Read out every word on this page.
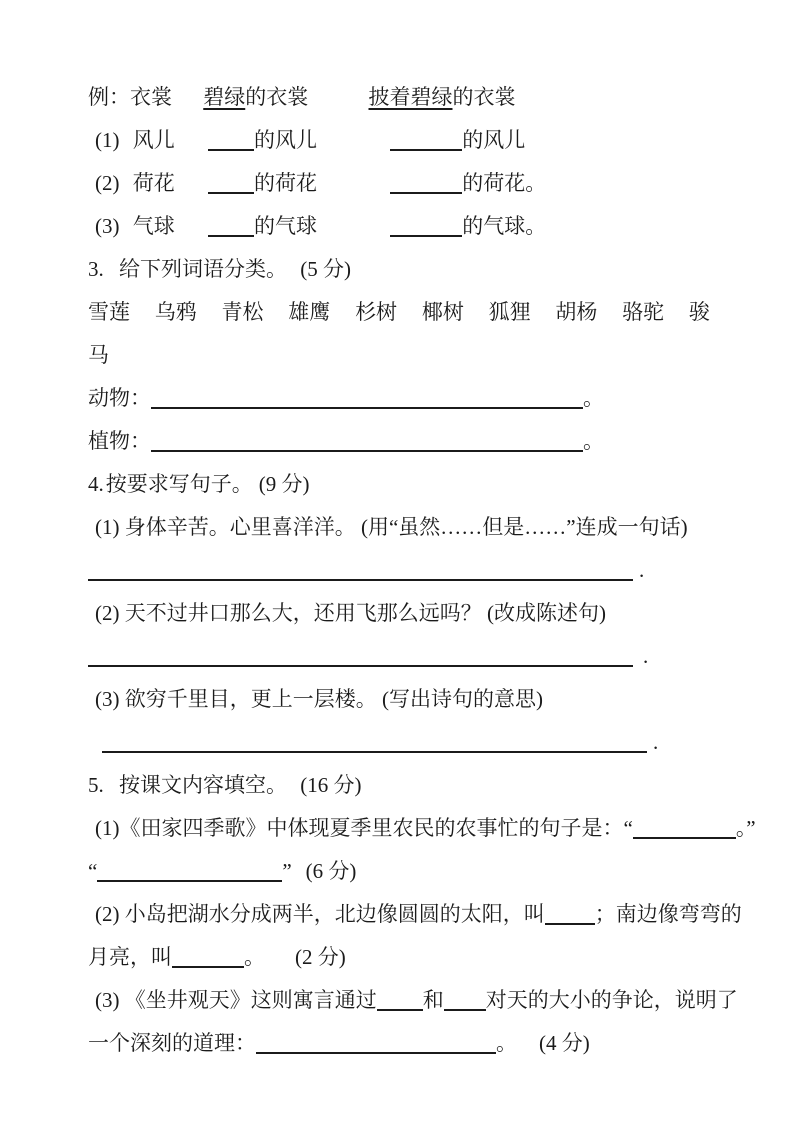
例：衣裳 碧绿的衣裳	披着碧绿的衣裳
(1) 风儿	的风儿	的风儿
(2) 荷花	的荷花	的荷花。
(3) 气球	的气球	的气球。
3. 给下列词语分类。 (5 分)
雪莲 乌鸦 青松 雄鹰 杉树 椰树 狐狸 胡杨 骆驼 骏
马
动物：	。
植物：	。
4.按要求写句子。 (9 分)
(1) 身体辛苦。心里喜洋洋。 (用“虽然……但是……”连成一句话)
.
(2) 天不过井口那么大，还用飞那么远吗？ (改成陈述句)
.
(3) 欲穷千里目，更上一层楼。 (写出诗句的意思)
.
5. 按课文内容填空。 (16 分)
(1)《田家四季歌》中体现夏季里农民的农事忙的句子是：“	。”
“	” (6 分)
(2) 小岛把湖水分成两半，北边像圆圆的太阳，叫 ；南边像弯弯的
月亮，叫	。 (2 分)
(3) 《坐井观天》这则寓言通过 和 对天的大小的争论，说明了
一个深刻的道理：	。 (4 分)
